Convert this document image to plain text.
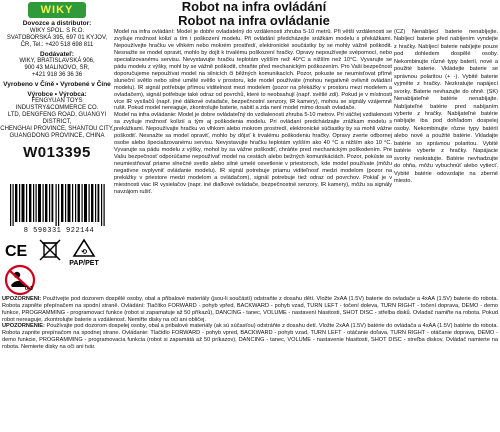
WIKY
Dovozce a distributor:
WIKY SPOL. S R.O.
SVATOBORSKÁ 395, 697 01 KYJOV,
ČR, Tel.: +420 518 698 811
Dodávateľ:
WIKY, BRATISLAVSKÁ 906,
900 43 MALINOVO, SR,
+421 918 36 36 36
Vyrobeno v Číně • Vyrobené v Číne
Výrobce • Výrobca:
FENGYUAN TOYS INDUSTRY&COMMERCE CO.
LTD, DENGFENG ROAD, GUANGYI DISTRICT,
CHENGHAI PROVINCE, SHANTOU CITY,
GUANGDONG PROVINCE, CHINA
W013395
8 590331 922144
CE	⟲
PAP/PET
0-3
Robot na infra ovládání
Robot na infra ovládanie

Model na infra ovládání: Model je dobře ovladatelný do vzdálenosti zhruba 5-10 metrů. Při větší vzdálenosti se zvyšuje možnost kolizí a tím i poškození modelu. Při ovládání předcházejte srážkám modelu s překážkami. Nepoužívejte hračku ve vlhkém nebo mokrém prostředí, elektronické součástky by se mohly vážně poškodit. Nesnažte se model opravit, mohlo by dojít k trvalému poškození hračky. Opravy nepoužívejte svépomocí, nebo specializovanému servisu. Nevystavujte hračku teplotám vyšším než 40°C a nižším než 10°C. Vyvarujte se pádu modelu z výšky, mohl by se vážně poškodit, chraňte před mechanickým poškozením. Pro Vaši bezpečnost doporučujeme nepoužívat model na silnicích či běžných komunikacích. Pozor, pokuste se neumisťovat přímé sluneční světlo nebo silné umělé světlo v prostoru, kde model používáte (mohou negativně ovlivnit ovládání modelu). IR signál potřebuje přímou viditelnost mezi modelem (pozor na překážky v prostoru mezi modelem a ovladačem), signál potřebuje také odraz od povrchů, které to neobsahují (např. světlé zdi). Pokud je v místnosti více IR vysílačů (např. jiné dálkové ovladače, bezpečnostní senzory, IR kamery), mohou se signály vzájemně rušit. Pokud model nereaguje, zkontrolujte baterie, nabití a zda není model mimo dosah ovladače.

Model na infra ovládanie: Model je dobre ovládateľný do vzdialenosti zhruba 5-10 metrov. Pri väčšej vzdialenosti sa zvyšuje možnosť kolízií a tým aj poškodenia modelu. Pri ovládaní predchádzajte zrážkam modelu s prekážkami. Nepoužívajte hračku vo vlhkom alebo mokrom prostredí, elektronické súčiastky by sa mohli vážne poškodiť. Nesnažte sa model opraviť, mohlo by dôjsť k trvalému poškodeniu hračky. Opravy zverte odbornej osobe alebo špecializovanému servisu. Nevystavujte hračku teplotám vyšším ako 40 °C a nižším ako 10 °C. Vyvarujte sa pádu modelu z výšky, mohol by sa vážne poškodiť, chráňte pred mechanickým poškodením. Pre Vašu bezpečnosť odporúčame nepoužívať model na cestách alebo bežných komunikáciách. Pozor, pokúste sa neumiestňovať priame slnečné svetlo alebo silné umelé osvetlenie v priestoroch, kde model používate (môžu negatívne ovplyvniť ovládanie modelu). IR signál potrebuje priamu viditeľnosť medzi modelom (pozor na prekážky v priestore medzi modelom a ovládačom), signál potrebuje tiež odraz od povrchov. Pokiaľ je v miestnosti viac IR vysielačov (napr. iné diaľkové ovládače, bezpečnostné senzory, IR kamery), môžu sa signály navzájom rušiť.

(CZ) Nenabíjecí baterie nenabíjejte. Nabíjecí baterie před nabíjením vyndejte z hračky. Nabíjecí baterie nabíjejte pouze pod dohledem dospělé osoby. Nekombinujte různé typy baterií, nové a použité baterie. Vkládejte baterie se správnou polaritou (+ -). Vybité baterie vyjměte z hračky. Nezkratujte napájecí svorky. Baterie nevhazujte do ohně. (SK) Nenabíjateľné batérie nenabíjajte. Nabíjateľné batérie pred nabíjaním vyberte z hračky. Nabíjateľné batérie nabíjajte iba pod dohľadom dospelej osoby. Nekombinujte rôzne typy batérií alebo nové a použité batérie. Vkladajte batérie so správnou polaritou. Vybité batérie vyberte z hračky. Napájacie svorky neskratujte. Batérie nevhadzujte do ohňa, môžu vybuchnúť alebo vytiecť. Vybité batérie odovzdajte na zberné miesto.

UPOZORNĚNÍ: Používejte pod dozorem dospělé osoby, obal a přibalové materiály (jsou-li součástí) odstraňte z dosahu dětí. Vložte 2xAA (1.5V) baterie do ovladače a 4xAA (1.5V) baterie do robota. Robota zapněte přepínačem na spodní straně. Ovládání: Tlačítko FORWARD - pohyb vpřed, BACKWARD - pohyb vzad, TURN LEFT - točení doleva, TURN RIGHT - točení doprava, DEMO - demo funkce, PROGRAMMING - programovací funkce (robot si zapamatuje až 50 příkazů), DANCING - tanec, VOLUME - nastavení hlasitosti, SHOT DISC - střelba disků. Ovladač namiřte na robota. Pokud robot nereaguje, zkontrolujte baterie a vzdálenost. Nemiřte disky na oči ani obličej.

UPOZORNENIE: Používajte pod dozorom dospelej osoby, obal a pribalové materiály (ak sú súčasťou) odstráňte z dosahu detí. Vložte 2xAA (1.5V) batérie do ovládača a 4xAA (1.5V) batérie do robota. Robota zapnite prepínačom na spodnej strane. Ovládanie: Tlačidlo FORWARD - pohyb vpred, BACKWARD - pohyb vzad, TURN LEFT - otáčanie doľava, TURN RIGHT - otáčanie doprava, DEMO - demo funkcie, PROGRAMMING - programovacia funkcia (robot si zapamätá až 50 príkazov), DANCING - tanec, VOLUME - nastavenie hlasitosti, SHOT DISC - streľba diskov. Ovládač namierte na robota. Nemierte disky na oči ani tvár.
